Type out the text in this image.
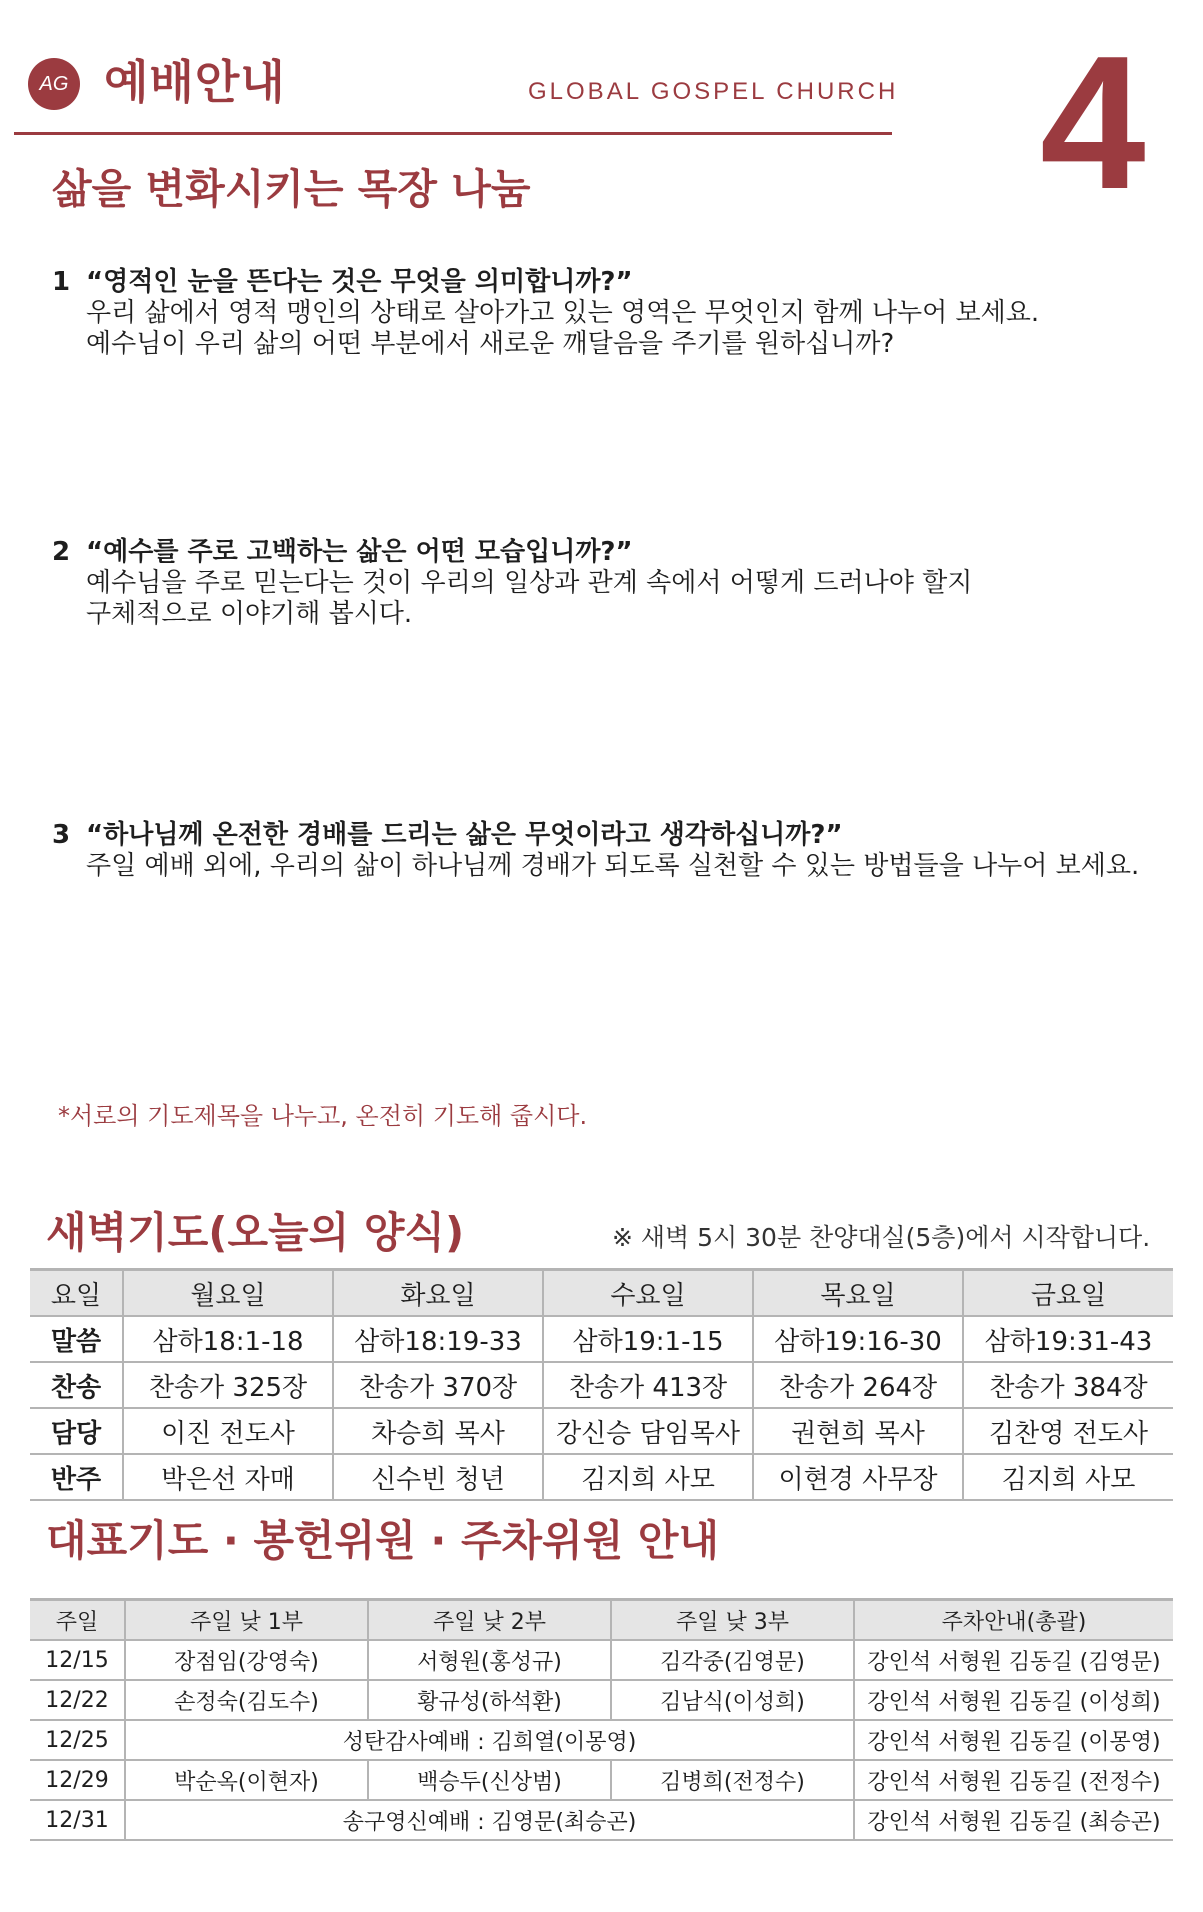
AG 예배안내	GLOBAL GOSPEL CHURCH 4
삶을 변화시키는 목장 나눔
1 “영적인 눈을 뜬다는 것은 무엇을 의미합니까?”
우리 삶에서 영적 맹인의 상태로 살아가고 있는 영역은 무엇인지 함께 나누어 보세요.
예수님이 우리 삶의 어떤 부분에서 새로운 깨달음을 주기를 원하십니까?
2 “예수를 주로 고백하는 삶은 어떤 모습입니까?”
예수님을 주로 믿는다는 것이 우리의 일상과 관계 속에서 어떻게 드러나야 할지
구체적으로 이야기해 봅시다.
3 “하나님께 온전한 경배를 드리는 삶은 무엇이라고 생각하십니까?”
주일 예배 외에, 우리의 삶이 하나님께 경배가 되도록 실천할 수 있는 방법들을 나누어 보세요.
*서로의 기도제목을 나누고, 온전히 기도해 줍시다.
새벽기도(오늘의 양식)	※ 새벽 5시 30분 찬양대실(5층)에서 시작합니다.
요일	월요일	화요일	수요일	목요일	금요일
말씀	삼하18:1-18	삼하18:19-33	삼하19:1-15	삼하19:16-30	삼하19:31-43
찬송	찬송가 325장	찬송가 370장	찬송가 413장	찬송가 264장	찬송가 384장
담당	이진 전도사	차승희 목사	강신승 담임목사	권현희 목사	김찬영 전도사
반주	박은선 자매	신수빈 청년	김지희 사모	이현경 사무장	김지희 사모
대표기도 · 봉헌위원 · 주차위원 안내
주일	주일 낮 1부	주일 낮 2부	주일 낮 3부	주차안내(총괄)
12/15	장점임(강영숙)	서형원(홍성규)	김각중(김영문)	강인석 서형원 김동길 (김영문)
12/22	손정숙(김도수)	황규성(하석환)	김남식(이성희)	강인석 서형원 김동길 (이성희)
12/25	성탄감사예배 : 김희열(이몽영)			강인석 서형원 김동길 (이몽영)
12/29	박순옥(이현자)	백승두(신상범)	김병희(전정수)	강인석 서형원 김동길 (전정수)
12/31	송구영신예배 : 김영문(최승곤)			강인석 서형원 김동길 (최승곤)
